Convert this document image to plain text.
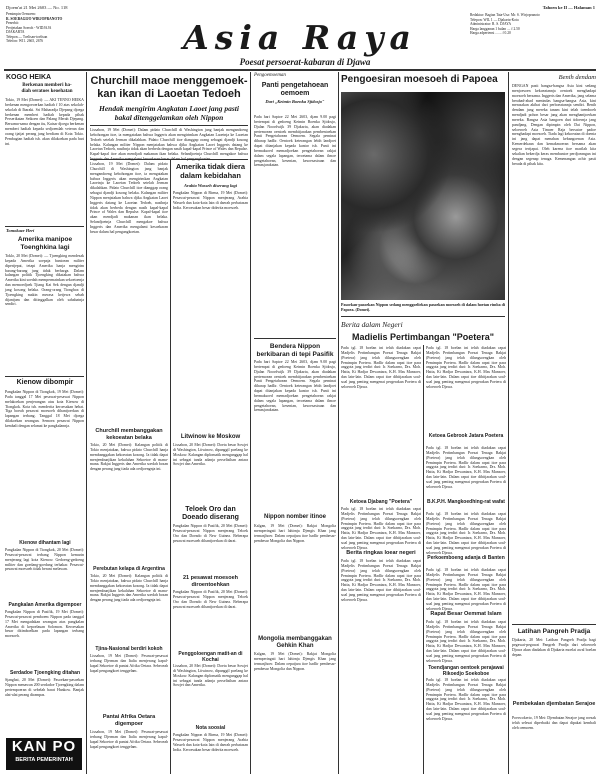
Djoem'at 21 Mei 2603 — No. 118
Pemimpin Oemoem:
R. SOEBAGIJO WIRJOPRANOTO
Penerbit:
Pertjetakan Soeroh - WIDJAJA
DJAKARTA
Telepon — Toelisan-toelisan
Telefon: WI1. 2665, 2676	Asia Raya
Poesat persoerat-kabaran di Djawa
Tahoen ke II — Halaman 1
Redaktur: Bagian Tata-Usa: Mr. S. Wirjopranoto
Telepon: WIL 1 — Djakarta-Kota
Administratur: R. S. DJAYA
Harga langganan 1 bulan .... f 2.50
Harga adpertensi ....... f 0.20
KOGO HEIKA
Berkenan memberi ha-
diah seratoes keoehatan
Tokio, 19 Mei (Domei): — AKI TENNO HEIKA berkenan mengoeoerkan hadiah f 10 atas sekolah-sekolah di Ibaraki. Sri Maharadja Djepang djoega berkenan memberi hadiah kepada pihak Perserikatan Seikoen dan Palang Merah Djepang. Bersama-sama dengan itu, Kaisar djoega berkenan memberi hadiah kepada sedjoemlah veteran dan orang tjatjat perang jang berdiam di Kota Tokio. Pembagian hadiah tsb. akan dilakoekan pada hari ini.
Tomokaze Heri
Amerika manipoe Toenghkina lagi
Toklo, 20 Mei (Domei): — Tjoengking mendesak kepada Amerika soepaja bantoean militer dipertjepat, tetapi Amerika hanja mengirim barang-barang jang tidak berharga. Dalam kalangan politik Tjoengking dikatakan bahwa Amerika kini soedah mempermainkan sekoetoenja dan memoedjoek Tjiang Kai Sek dengan djandji jang kosong belaka. Orang-orang Tionghoa di Tjoengking makin merasa ketjewa sebab dijantjam dan ditinggalkan oleh sahabatnja sendiri.
Kienow dibompir
Pangkalan Nippon di Tiongkok, 19 Mei (Domei): Pada tanggal 17 Mei pesawat-pesawat Nippon melakoekan penjerangan atas kota Kienow di Tiongkok. Kota tsb. menderita keroesakan hebat. Tiga boeah pesawat moesoeh dihantjoerkan di lapangan terbang. Tanggal 18 Mei djoega dilakoekan serangan. Semoea pesawat Nippon kembali dengan selamat ke pangkalannja.
Kienow dihantam lagi
Pangkalan Nippon di Tiongkok, 20 Mei (Domei): Pesawat-pesawat terbang Nippon kemarin menjerang lagi kota Kienow. Gedoeng-gedoeng militer dan goedang-goedang terbakar. Pesawat-pesawat moesoeh tidak berani melawan.
Pangkalan Amerika digempoer
Pangkalan Nippon di Pasifik, 19 Mei (Domei): Pesawat-pesawat pemboem Nippon pada tanggal 17 Mei mengadakan serangan atas pangkalan Amerika di kepoelauan Solomon. Keroesakan besar ditimboelkan pada lapangan terbang moesoeh.
Serdadoe Tjoengking ditahan
Sjanghai, 20 Mei (Domei): Pasoekan-pasoekan Nippon menawan 200 serdadoe Tjoengking dalam pertempoeran di sebelah barat Hankow. Banjak alat-alat perang dirampas.
KAN PO
BERITA PEMERINTAH
Churchill maoe menggemoek- kan ikan di Laoetan Tedoeh
Hendak mengirim Angkatan Laoet jang pasti bakal ditenggelamkan oleh Nippon
Lissabon, 19 Mei (Domei): Dalam pidato Churchill di Washington jang banjak mengandoeng kebohongan itoe, ia mengatakan bahwa Inggeris akan mengirimkan Angkatan Laoetnja ke Laoetan Tedoeh setelah Jerman dikalahkan. Pidato Churchill itoe dianggap orang sebagai djandji kosong belaka. Kalangan militer Nippon menjatakan bahwa djika Angkatan Laoet Inggeris datang ke Laoetan Tedoeh, nasibnja tidak akan berbeda dengan nasib kapal-kapal Prince of Wales dan Repulse. Kapal-kapal itoe akan mendjadi makanan ikan belaka. Selandjoetnja Churchill mengakoe bahwa
Lissabon, 19 Mei (Domei): Dalam pidato Churchill di Washington jang banjak mengandoeng kebohongan itoe, ia mengatakan bahwa Inggeris akan mengirimkan Angkatan Laoetnja ke Laoetan Tedoeh setelah Jerman dikalahkan. Pidato Churchill itoe dianggap orang sebagai djandji kosong belaka. Kalangan militer Nippon menjatakan bahwa djika Angkatan Laoet Inggeris datang ke Laoetan Tedoeh, nasibnja tidak akan berbeda dengan nasib kapal-kapal Prince of Wales dan Repulse. Kapal-kapal itoe akan mendjadi makanan ikan belaka. Selandjoetnja Churchill mengakoe bahwa Inggeris dan Amerika mengalami kesoekaran besar dalam hal pengangkoetan.
Churchill membanggakan kekoeatan belaka
Tokio, 20 Mei (Domei): Kalangan politik di Tokio menjatakan, bahwa pidato Churchill hanja membanggakan kekoeatan kosong. Ia tidak dapat menjembunjikan kekalahan Sekoetoe di mana-mana. Rakjat Inggeris dan Amerika soedah bosan dengan perang jang tiada ada oedjoengnja ini.
Perebutan kelapa di Argentina
Tokio, 20 Mei (Domei): Kalangan politik di Tokio menjatakan, bahwa pidato Churchill hanja membanggakan kekoeatan kosong. Ia tidak dapat menjembunjikan kekalahan Sekoetoe di mana-mana. Rakjat Inggeris dan Amerika soedah bosan dengan perang jang tiada ada oedjoengnja ini.
Tjina-Nasional berdiri kokoh
Lissabon, 19 Mei (Domei): Pesawat-pesawat terbang Djerman dan Italia menjerang kapal-kapal Sekoetoe di pantai Afrika Oetara. Sebeoeah kapal pengangkoet tenggelam.
Pantai Afrika Oetara digempoer
Lissabon, 19 Mei (Domei): Pesawat-pesawat terbang Djerman dan Italia menjerang kapal-kapal Sekoetoe di pantai Afrika Oetara. Sebeoeah kapal pengangkoet tenggelam.
Amerika tidak diera dalam kebidahan
Arabia Wasseh diserang lagi
Pangkalan Nippon di Birma, 19 Mei (Domei): Pesawat-pesawat Nippon menjerang Arabia Wasseh dan kota-kota lain di daerah perbatasan India. Keroesakan besar diderita moesoeh.
Litwinow ke Moskow
Lissabon, 20 Mei (Domei): Doeta besar Sowjet di Washington, Litwinow, dipanggil poelang ke Moskow. Kalangan diplomatik menganggap hal ini sebagai tanda adanja perselisihan antara Sowjet dan Amerika.
Teloek Oro dan Doeado diserang
Pangkalan Nippon di Pasifik, 20 Mei (Domei): Pesawat-pesawat Nippon menjerang Teloek Oro dan Doeado di New Guinea. Beberapa pesawat moesoeh dihantjoerkan di darat.
21 pesawat moesoeh diroentoehkan
Pangkalan Nippon di Pasifik, 20 Mei (Domei): Pesawat-pesawat Nippon menjerang Teloek Oro dan Doeado di New Guinea. Beberapa pesawat moesoeh dihantjoerkan di darat.
Penggoloengan matit-an di Kochai
Lissabon, 20 Mei (Domei): Doeta besar Sowjet di Washington, Litwinow, dipanggil poelang ke Moskow. Kalangan diplomatik menganggap hal ini sebagai tanda adanja perselisihan antara Sowjet dan Amerika.
Nota soosial
Pangkalan Nippon di Birma, 19 Mei (Domei): Pesawat-pesawat Nippon menjerang Arabia Wasseh dan kota-kota lain di daerah perbatasan India. Keroesakan besar diderita moesoeh.
Pengoemoeman
Panti pengetahoean oemoem
Dari „Keimin Boenka Sjidosjo"
Pada hari Saptoe 22 Mei 2603, djam 9.00 pagi bertempat di gedoeng Keimin Boenka Sjidosjo, Djalan Noordwijk 39 Djakarta, akan diadakan pertemoean oentoek membitjarakan pembentoekan Panti Pengetahoean Oemoem. Segala peminat diharap hadlir. Oentoek keterangan lebih landjoet dapat ditanjakan kepada kantor tsb. Panti ini bermaksoed memadjoekan pengetahoean rakjat dalam segala lapangan, teroetama dalam ilmoe pengetahoean, kesenian, kesoesastraan dan kemasjarakatan.
Bendera Nippon berkibaran di tepi Pasifik
Pada hari Saptoe 22 Mei 2603, djam 9.00 pagi bertempat di gedoeng Keimin Boenka Sjidosjo, Djalan Noordwijk 39 Djakarta, akan diadakan pertemoean oentoek membitjarakan pembentoekan Panti Pengetahoean Oemoem. Segala peminat diharap hadlir. Oentoek keterangan lebih landjoet dapat ditanjakan kepada kantor tsb. Panti ini bermaksoed memadjoekan pengetahoean rakjat dalam segala lapangan, teroetama dalam ilmoe pengetahoean, kesenian, kesoesastraan dan kemasjarakatan.
Nippon nomber itinoe
Kalgan, 19 Mei (Domei): Rakjat Mongolia memperingati hari lahirnja Djengis Khan jang termasjhoer. Dalam oepatjara itoe hadlir pembesar-pembesar Mongolia dan Nippon.
Mongolia membanggakan Gehkin Khan
Kalgan, 19 Mei (Domei): Rakjat Mongolia memperingati hari lahirnja Djengis Khan jang termasjhoer. Dalam oepatjara itoe hadlir pembesar-pembesar Mongolia dan Nippon.
Pengoesiran moesoeh di Papoea
Pasoekan-pasoekan Nippon sedang menggoelirkan pasoekan moesoeh di dalam hoetan rimba di Papoea. (Domei).
Berita dalam Negeri
Madielis Pertimbangan "Poetera"
Pada tgl. 18 boelan ini telah diadakan rapat Madjelis Pertimbangan Poesat Tenaga Rakjat (Poetera) jang telah dilangsoengkan oleh Pemimpin Poetera. Hadlir dalam rapat itoe para anggota jang terdiri dari: Ir. Soekarno, Drs. Moh. Hatta, Ki Hadjar Dewantara, K.H. Mas Mansoer, dan lain-lain. Dalam rapat itoe dibitjarakan soal-soal jang penting mengenai pergerakan Poetera di seloeroeh Djawa.
Ketoea Djabang "Poetera"
Pada tgl. 18 boelan ini telah diadakan rapat Madjelis Pertimbangan Poesat Tenaga Rakjat (Poetera) jang telah dilangsoengkan oleh Pemimpin Poetera. Hadlir dalam rapat itoe para anggota jang terdiri dari: Ir. Soekarno, Drs. Moh. Hatta, Ki Hadjar Dewantara, K.H. Mas Mansoer, dan lain-lain. Dalam rapat itoe dibitjarakan soal-soal jang penting mengenai pergerakan Poetera di seloeroeh Djawa.
Berita ringkas loear negeri
Pada tgl. 18 boelan ini telah diadakan rapat Madjelis Pertimbangan Poesat Tenaga Rakjat (Poetera) jang telah dilangsoengkan oleh Pemimpin Poetera. Hadlir dalam rapat itoe para anggota jang terdiri dari: Ir. Soekarno, Drs. Moh. Hatta, Ki Hadjar Dewantara, K.H. Mas Mansoer, dan lain-lain. Dalam rapat itoe dibitjarakan soal-soal jang penting mengenai pergerakan Poetera di seloeroeh Djawa.
Pada tgl. 18 boelan ini telah diadakan rapat Madjelis Pertimbangan Poesat Tenaga Rakjat (Poetera) jang telah dilangsoengkan oleh Pemimpin Poetera. Hadlir dalam rapat itoe para anggota jang terdiri dari: Ir. Soekarno, Drs. Moh. Hatta, Ki Hadjar Dewantara, K.H. Mas Mansoer, dan lain-lain. Dalam rapat itoe dibitjarakan soal-soal jang penting mengenai pergerakan Poetera di seloeroeh Djawa.
Ketoea Gebrook Jatara Poetera
Pada tgl. 18 boelan ini telah diadakan rapat Madjelis Pertimbangan Poesat Tenaga Rakjat (Poetera) jang telah dilangsoengkan oleh Pemimpin Poetera. Hadlir dalam rapat itoe para anggota jang terdiri dari: Ir. Soekarno, Drs. Moh. Hatta, Ki Hadjar Dewantara, K.H. Mas Mansoer, dan lain-lain. Dalam rapat itoe dibitjarakan soal-soal jang penting mengenai pergerakan Poetera di seloeroeh Djawa.
B.K.P.H. Mangkoedhing-rat wafat
Pada tgl. 18 boelan ini telah diadakan rapat Madjelis Pertimbangan Poesat Tenaga Rakjat (Poetera) jang telah dilangsoengkan oleh Pemimpin Poetera. Hadlir dalam rapat itoe para anggota jang terdiri dari: Ir. Soekarno, Drs. Moh. Hatta, Ki Hadjar Dewantara, K.H. Mas Mansoer, dan lain-lain. Dalam rapat itoe dibitjarakan soal-soal jang penting mengenai pergerakan Poetera di seloeroeh Djawa.
Perkoemboeng adanja di Banten
Pada tgl. 18 boelan ini telah diadakan rapat Madjelis Pertimbangan Poesat Tenaga Rakjat (Poetera) jang telah dilangsoengkan oleh Pemimpin Poetera. Hadlir dalam rapat itoe para anggota jang terdiri dari: Ir. Soekarno, Drs. Moh. Hatta, Ki Hadjar Dewantara, K.H. Mas Mansoer, dan lain-lain. Dalam rapat itoe dibitjarakan soal-soal jang penting mengenai pergerakan Poetera di seloeroeh Djawa.
Rapat Besar Oemmat Islam
Pada tgl. 18 boelan ini telah diadakan rapat Madjelis Pertimbangan Poesat Tenaga Rakjat (Poetera) jang telah dilangsoengkan oleh Pemimpin Poetera. Hadlir dalam rapat itoe para anggota jang terdiri dari: Ir. Soekarno, Drs. Moh. Hatta, Ki Hadjar Dewantara, K.H. Mas Mansoer, dan lain-lain. Dalam rapat itoe dibitjarakan soal-soal jang penting mengenai pergerakan Poetera di seloeroeh Djawa.
Toendjangan oentoek perajawai Rikoedjo Soekoboe
Pada tgl. 18 boelan ini telah diadakan rapat Madjelis Pertimbangan Poesat Tenaga Rakjat (Poetera) jang telah dilangsoengkan oleh Pemimpin Poetera. Hadlir dalam rapat itoe para anggota jang terdiri dari: Ir. Soekarno, Drs. Moh. Hatta, Ki Hadjar Dewantara, K.H. Mas Mansoer, dan lain-lain. Dalam rapat itoe dibitjarakan soal-soal jang penting mengenai pergerakan Poetera di seloeroeh Djawa.
Benih dendam
DENGAN pasti bangsa-bangsa Asia kini sedang menjoesoen kekoeatannja oentoek menghadapi moesoeh bersama. Inggeris dan Amerika, jang selama berabad-abad menindas bangsa-bangsa Asia, kini merasakan akibat dari perboeatannja sendiri. Benih dendam jang mereka tanam kini telah toemboeh mendjadi pohon besar jang akan menghantjoerkan mereka. Bangsa Asia bangoen dari tidoernja jang pandjang. Dengan dipimpin oleh Dai Nippon, seloeroeh Asia Timoer Raja bersatoe padoe menghadapi moesoeh. Tiada lagi kekoeatan di doenia ini jang dapat menahan kebangoenan Asia. Kemerdekaan dan kemakmoeran bersama akan segera tertjapai. Oleh karena itoe marilah kita sekalian bekerdja keras membantoe perdjoeangan ini dengan segenap tenaga. Kemenangan achir pasti berada di pihak kita.
Latihan Pangreh Pradja
Djakarta, 20 Mei: Latihan Pangreh Pradja bagi pegawai-pegawai Pangreh Pradja dari seloeroeh Djawa akan diadakan di Djakarta moelai awal boelan depan.
Pembekalan djembatan Serajoe
Poerwokerto, 19 Mei: Djembatan Serajoe jang roesak telah selesai diperbaiki dan dapat dipakai kembali oleh oemoem.
